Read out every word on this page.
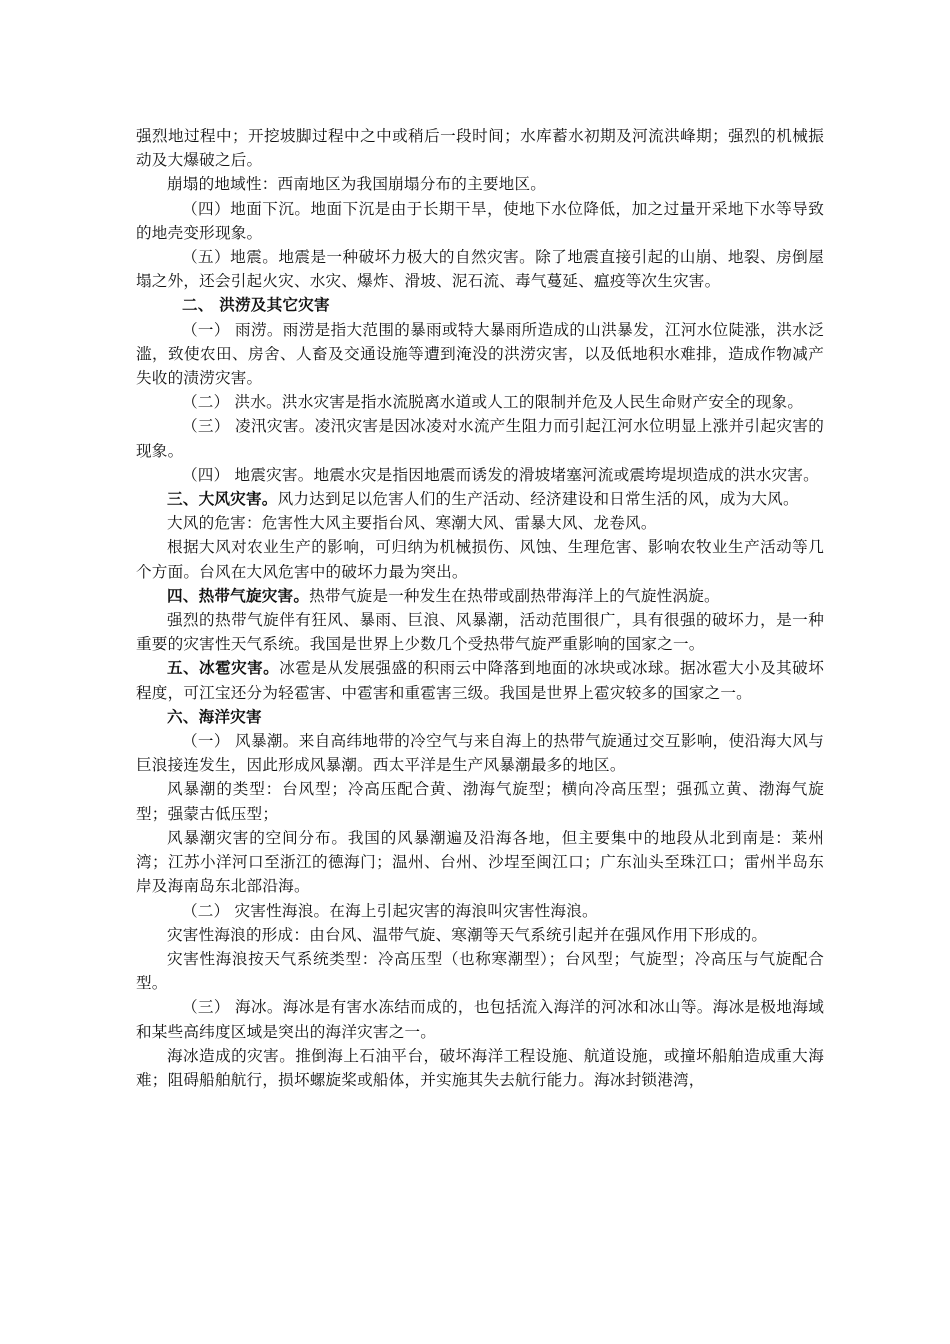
强烈地过程中；开挖坡脚过程中之中或稍后一段时间；水库蓄水初期及河流洪峰期；强烈的机械振动及大爆破之后。

崩塌的地域性：西南地区为我国崩塌分布的主要地区。

（四）地面下沉。地面下沉是由于长期干旱，使地下水位降低，加之过量开采地下水等导致的地壳变形现象。

（五）地震。地震是一种破坏力极大的自然灾害。除了地震直接引起的山崩、地裂、房倒屋塌之外，还会引起火灾、水灾、爆炸、滑坡、泥石流、毒气蔓延、瘟疫等次生灾害。

二、 洪涝及其它灾害

（一） 雨涝。雨涝是指大范围的暴雨或特大暴雨所造成的山洪暴发，江河水位陡涨，洪水泛滥，致使农田、房舍、人畜及交通设施等遭到淹没的洪涝灾害，以及低地积水难排，造成作物减产失收的渍涝灾害。

（二） 洪水。洪水灾害是指水流脱离水道或人工的限制并危及人民生命财产安全的现象。

（三） 凌汛灾害。凌汛灾害是因冰凌对水流产生阻力而引起江河水位明显上涨并引起灾害的现象。

（四） 地震灾害。地震水灾是指因地震而诱发的滑坡堵塞河流或震垮堤坝造成的洪水灾害。

三、大风灾害。风力达到足以危害人们的生产活动、经济建设和日常生活的风，成为大风。

大风的危害：危害性大风主要指台风、寒潮大风、雷暴大风、龙卷风。

根据大风对农业生产的影响，可归纳为机械损伤、风蚀、生理危害、影响农牧业生产活动等几个方面。台风在大风危害中的破坏力最为突出。

四、热带气旋灾害。热带气旋是一种发生在热带或副热带海洋上的气旋性涡旋。

强烈的热带气旋伴有狂风、暴雨、巨浪、风暴潮，活动范围很广，具有很强的破坏力，是一种重要的灾害性天气系统。我国是世界上少数几个受热带气旋严重影响的国家之一。

五、冰雹灾害。冰雹是从发展强盛的积雨云中降落到地面的冰块或冰球。据冰雹大小及其破坏程度，可江宝还分为轻雹害、中雹害和重雹害三级。我国是世界上雹灾较多的国家之一。

六、海洋灾害

（一） 风暴潮。来自高纬地带的冷空气与来自海上的热带气旋通过交互影响，使沿海大风与巨浪接连发生，因此形成风暴潮。西太平洋是生产风暴潮最多的地区。

风暴潮的类型：台风型；冷高压配合黄、渤海气旋型；横向冷高压型；强孤立黄、渤海气旋型；强蒙古低压型；

风暴潮灾害的空间分布。我国的风暴潮遍及沿海各地，但主要集中的地段从北到南是：莱州湾；江苏小洋河口至浙江的德海门；温州、台州、沙埕至闽江口；广东汕头至珠江口；雷州半岛东岸及海南岛东北部沿海。

（二） 灾害性海浪。在海上引起灾害的海浪叫灾害性海浪。

灾害性海浪的形成：由台风、温带气旋、寒潮等天气系统引起并在强风作用下形成的。

灾害性海浪按天气系统类型：冷高压型（也称寒潮型）；台风型；气旋型；冷高压与气旋配合型。

（三） 海冰。海冰是有害水冻结而成的，也包括流入海洋的河冰和冰山等。海冰是极地海域和某些高纬度区域是突出的海洋灾害之一。

海冰造成的灾害。推倒海上石油平台，破坏海洋工程设施、航道设施，或撞坏船舶造成重大海难；阻碍船舶航行，损坏螺旋桨或船体，并实施其失去航行能力。海冰封锁港湾，
